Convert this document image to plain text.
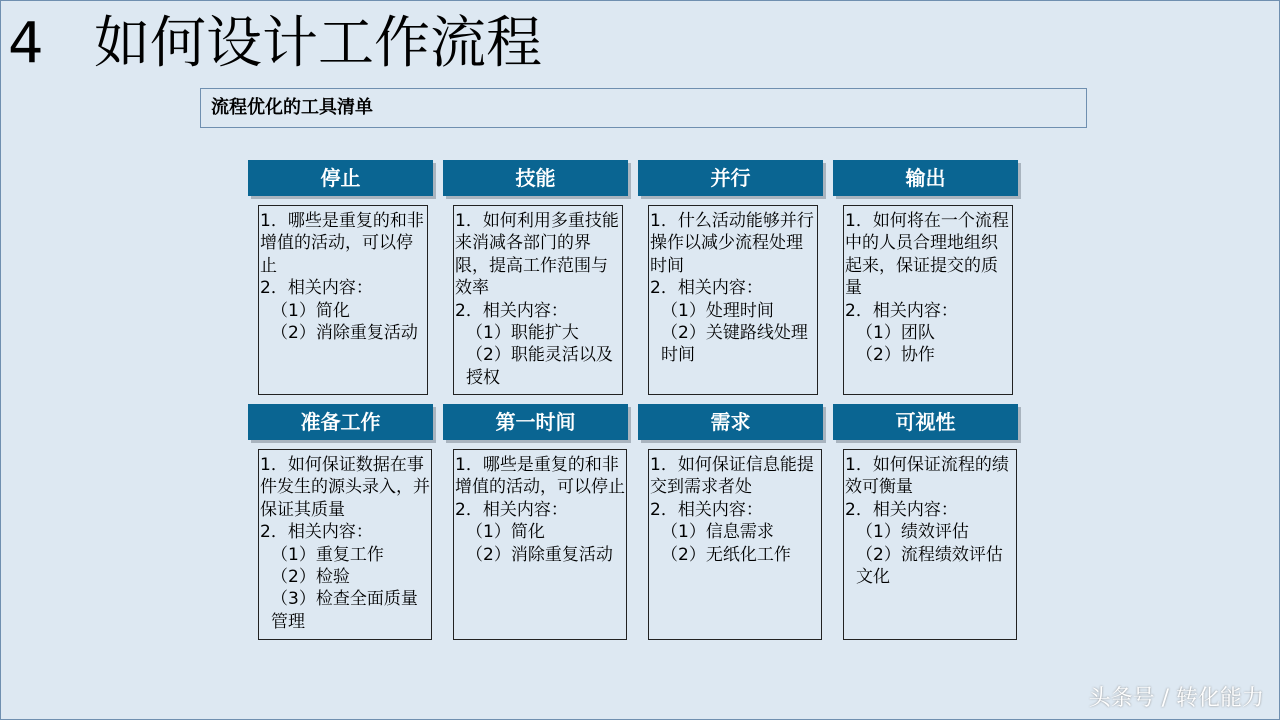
4 如何设计工作流程
流程优化的工具清单
停止
1．哪些是重复的和非增值的活动，可以停止
2．相关内容：
（1）简化
（2）消除重复活动
技能
1．如何利用多重技能来消减各部门的界限，提高工作范围与效率
2．相关内容：
（1）职能扩大
（2）职能灵活以及授权
并行
1．什么活动能够并行操作以减少流程处理时间
2．相关内容：
（1）处理时间
（2）关键路线处理时间
输出
1．如何将在一个流程中的人员合理地组织起来，保证提交的质量
2．相关内容：
（1）团队
（2）协作
准备工作
1．如何保证数据在事件发生的源头录入，并保证其质量
2．相关内容：
（1）重复工作
（2）检验
（3）检查全面质量管理
第一时间
1．哪些是重复的和非增值的活动，可以停止
2．相关内容：
（1）简化
（2）消除重复活动
需求
1．如何保证信息能提交到需求者处
2．相关内容：
（1）信息需求
（2）无纸化工作
可视性
1．如何保证流程的绩效可衡量
2．相关内容：
（1）绩效评估
（2）流程绩效评估文化
头条号 / 转化能力
